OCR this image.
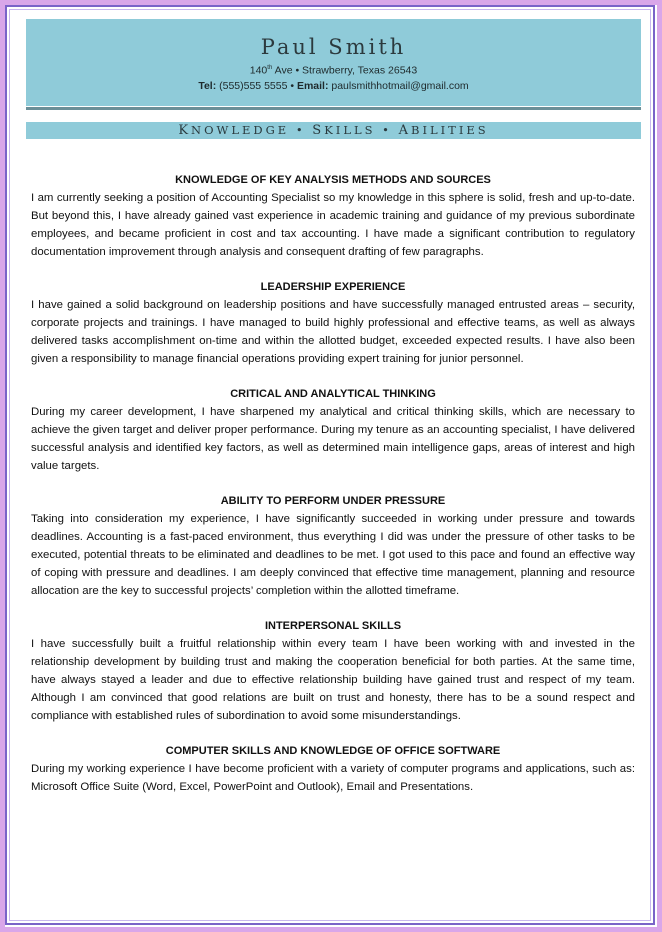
Paul Smith
140th Ave • Strawberry, Texas 26543
Tel: (555)555 5555 • Email: paulsmithhotmail@gmail.com
KNOWLEDGE • SKILLS • ABILITIES

KNOWLEDGE OF KEY ANALYSIS METHODS AND SOURCES

I am currently seeking a position of Accounting Specialist so my knowledge in this sphere is solid, fresh and up-to-date. But beyond this, I have already gained vast experience in academic training and guidance of my previous subordinate employees, and became proficient in cost and tax accounting. I have made a significant contribution to regulatory documentation improvement through analysis and consequent drafting of few paragraphs.

LEADERSHIP EXPERIENCE

I have gained a solid background on leadership positions and have successfully managed entrusted areas – security, corporate projects and trainings. I have managed to build highly professional and effective teams, as well as always delivered tasks accomplishment on-time and within the allotted budget, exceeded expected results. I have also been given a responsibility to manage financial operations providing expert training for junior personnel.

CRITICAL AND ANALYTICAL THINKING

During my career development, I have sharpened my analytical and critical thinking skills, which are necessary to achieve the given target and deliver proper performance. During my tenure as an accounting specialist, I have delivered successful analysis and identified key factors, as well as determined main intelligence gaps, areas of interest and high value targets.

ABILITY TO PERFORM UNDER PRESSURE

Taking into consideration my experience, I have significantly succeeded in working under pressure and towards deadlines. Accounting is a fast-paced environment, thus everything I did was under the pressure of other tasks to be executed, potential threats to be eliminated and deadlines to be met. I got used to this pace and found an effective way of coping with pressure and deadlines. I am deeply convinced that effective time management, planning and resource allocation are the key to successful projects’ completion within the allotted timeframe.

INTERPERSONAL SKILLS

I have successfully built a fruitful relationship within every team I have been working with and invested in the relationship development by building trust and making the cooperation beneficial for both parties. At the same time, have always stayed a leader and due to effective relationship building have gained trust and respect of my team. Although I am convinced that good relations are built on trust and honesty, there has to be a sound respect and compliance with established rules of subordination to avoid some misunderstandings.

COMPUTER SKILLS AND KNOWLEDGE OF OFFICE SOFTWARE

During my working experience I have become proficient with a variety of computer programs and applications, such as: Microsoft Office Suite (Word, Excel, PowerPoint and Outlook), Email and Presentations.
